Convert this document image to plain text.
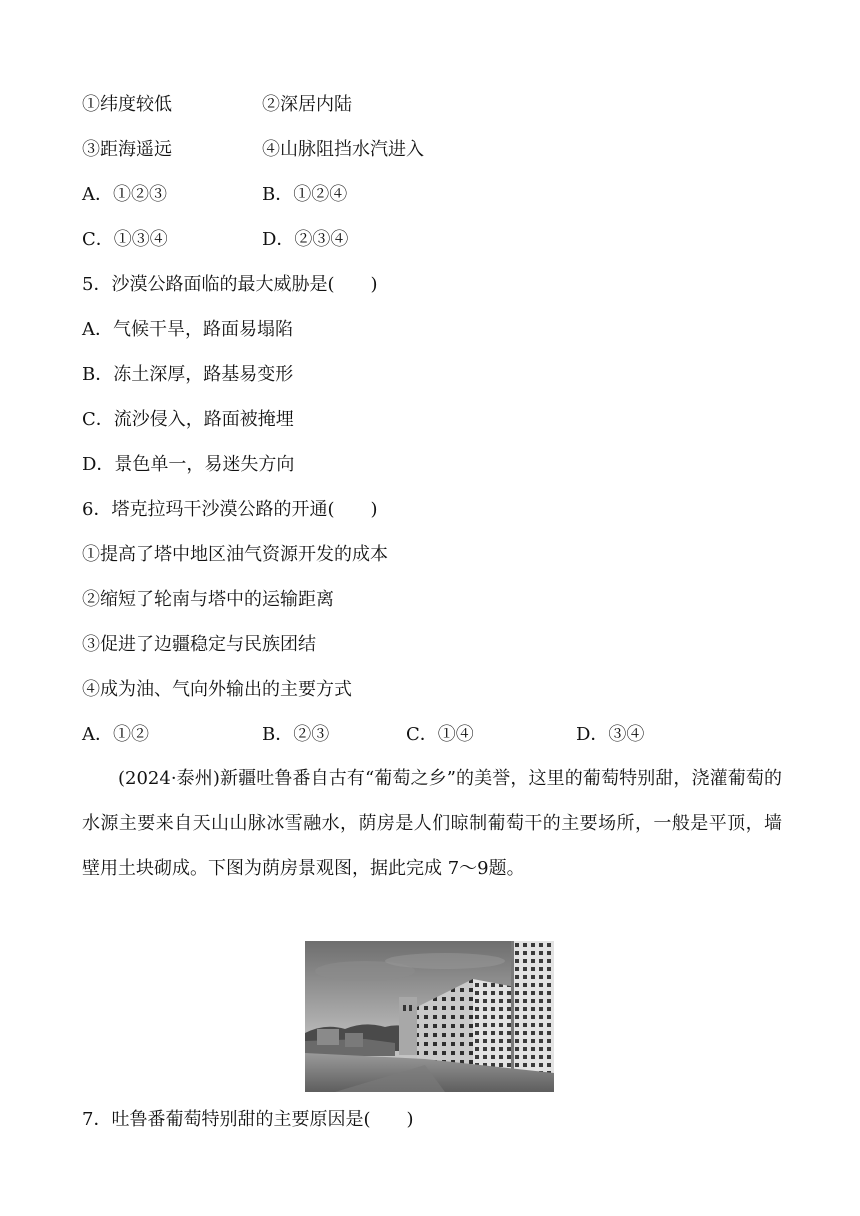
①纬度较低	②深居内陆
③距海遥远	④山脉阻挡水汽进入
A．①②③	B．①②④
C．①③④	D．②③④
5．沙漠公路面临的最大威胁是(　　)
A．气候干旱，路面易塌陷
B．冻土深厚，路基易变形
C．流沙侵入，路面被掩埋
D．景色单一，易迷失方向
6．塔克拉玛干沙漠公路的开通(　　)
①提高了塔中地区油气资源开发的成本
②缩短了轮南与塔中的运输距离
③促进了边疆稳定与民族团结
④成为油、气向外输出的主要方式
A．①②	B．②③	C．①④	D．③④
(2024·泰州)新疆吐鲁番自古有“葡萄之乡”的美誉，这里的葡萄特别甜，浇灌葡萄的水源主要来自天山山脉冰雪融水，荫房是人们晾制葡萄干的主要场所，一般是平顶，墙壁用土块砌成。下图为荫房景观图，据此完成 7～9题。
7．吐鲁番葡萄特别甜的主要原因是(　　)
